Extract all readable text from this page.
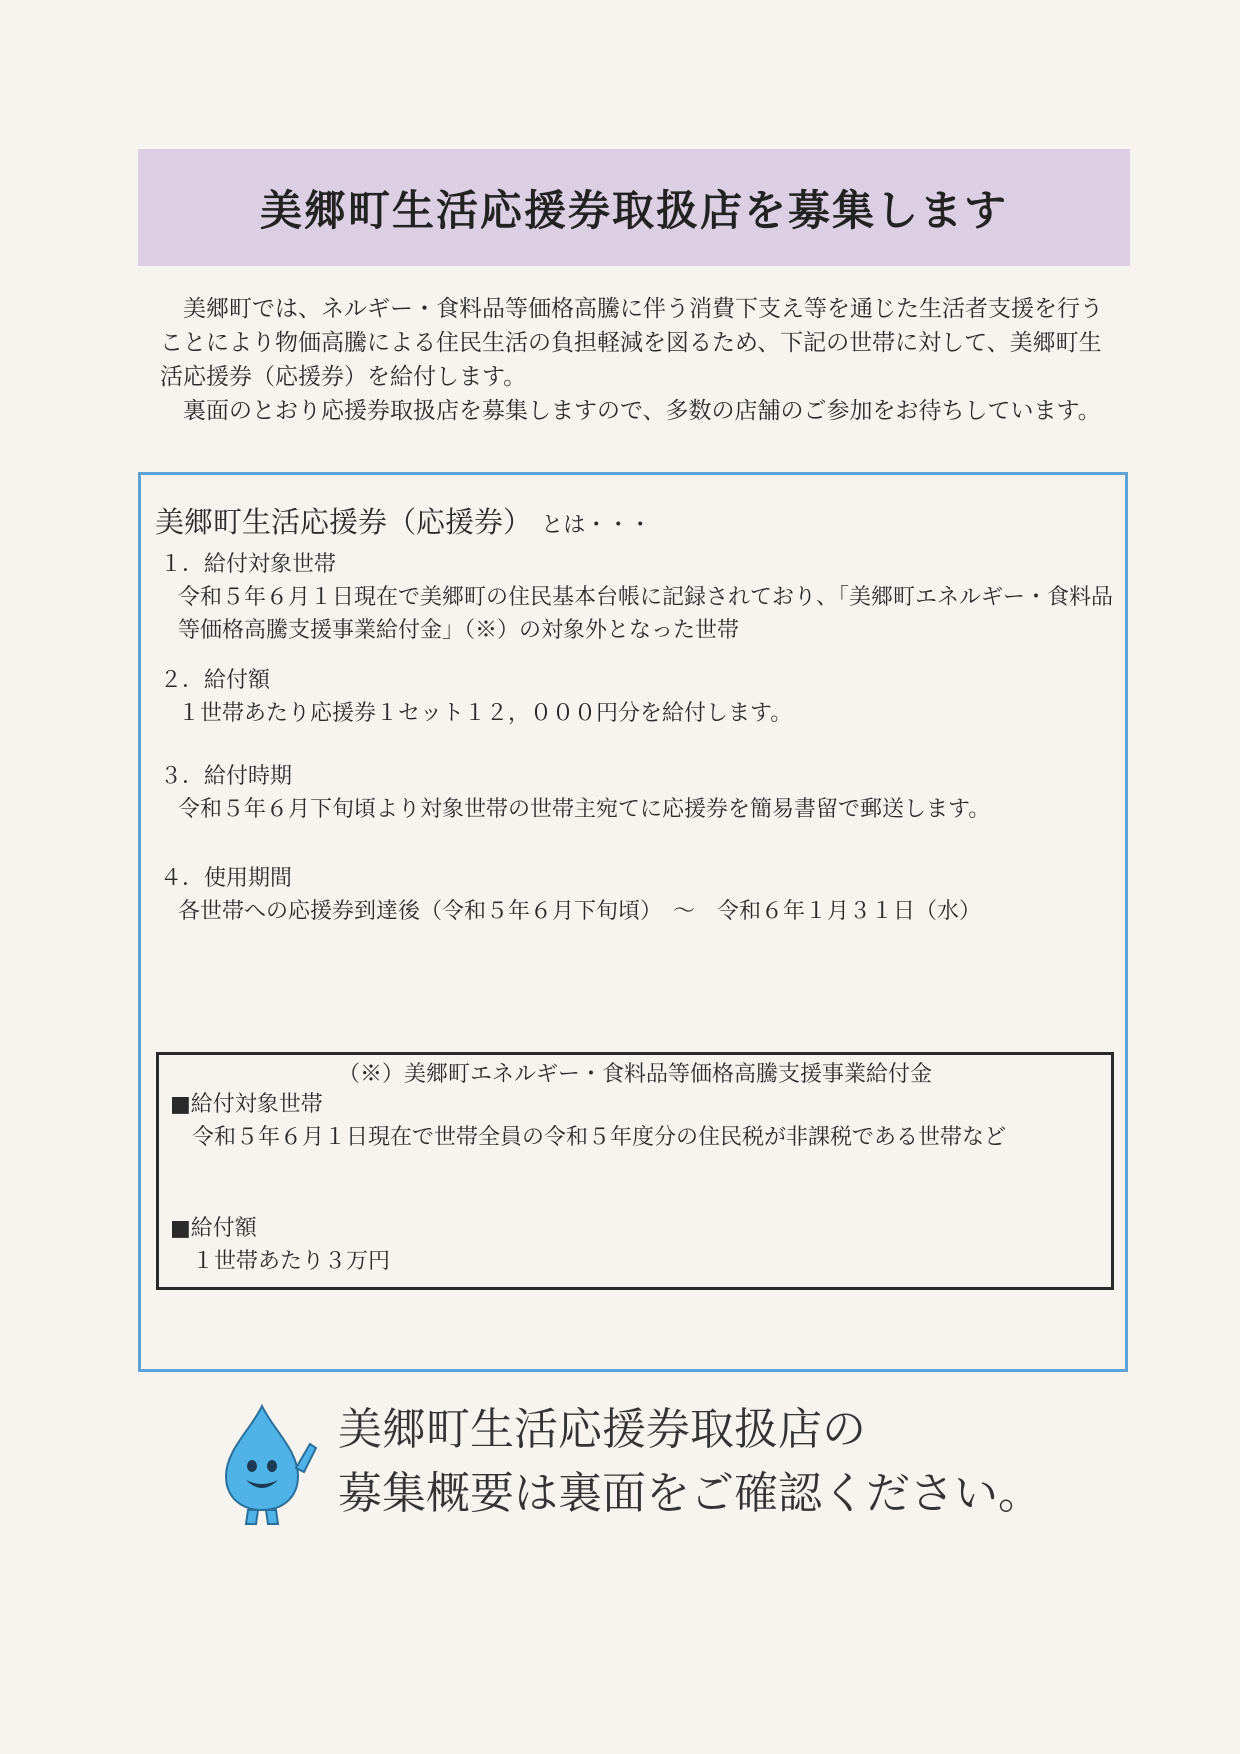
美郷町生活応援券取扱店を募集します

美郷町では、ネルギー・食料品等価格高騰に伴う消費下支え等を通じた生活者支援を行うことにより物価高騰による住民生活の負担軽減を図るため、下記の世帯に対して、美郷町生活応援券（応援券）を給付します。

裏面のとおり応援券取扱店を募集しますので、多数の店舗のご参加をお待ちしています。

美郷町生活応援券（応援券） とは・・・

１．給付対象世帯

令和５年６月１日現在で美郷町の住民基本台帳に記録されており、「美郷町エネルギー・食料品等価格高騰支援事業給付金」（※）の対象外となった世帯

２．給付額

１世帯あたり応援券１セット１２，０００円分を給付します。

３．給付時期

令和５年６月下旬頃より対象世帯の世帯主宛てに応援券を簡易書留で郵送します。

４．使用期間

各世帯への応援券到達後（令和５年６月下旬頃）　～　令和６年１月３１日（水）

（※）美郷町エネルギー・食料品等価格高騰支援事業給付金

■給付対象世帯

令和５年６月１日現在で世帯全員の令和５年度分の住民税が非課税である世帯など

■給付額

１世帯あたり３万円

美郷町生活応援券取扱店の
募集概要は裏面をご確認ください。
